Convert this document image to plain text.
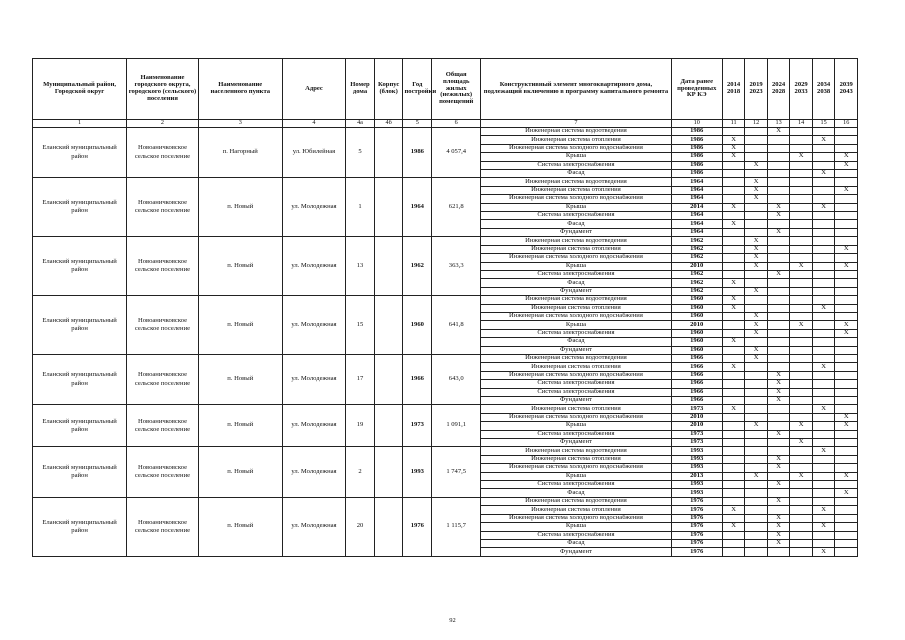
Муниципальный район, Городской округ	Наименование городского округа, городского (сельского) поселения	Наименование населенного пункта	Адрес	Номер дома	Корпус (блок)	Год постройки	Общая площадь жилых (нежилых) помещений	Конструктивный элемент многоквартирного дома, подлежащий включению в программу капитального ремонта	Дата ранее проведенных КР КЭ	2014 2018	2019 2023	2024 2028	2029 2033	2034 2038	2039 2043
1	2	3	4	4а	4б	5	6	7	10	11	12	13	14	15	16
Еланский муниципальный район	Новоаничковское сельское поселение	п. Нагорный	ул. Юбилейная	5		1986	4 057,4	Инженерная система водоотведения	1986			X			
								Инженерная система отопления	1986	X				X	
								Инженерная система холодного водоснабжения	1986	X					
								Крыша	1986	X			X		X
								Система электроснабжения	1986		X				X
								Фасад	1986					X	
Еланский муниципальный район	Новоаничковское сельское поселение	п. Новый	ул. Молодежная	1		1964	621,8	Инженерная система водоотведения	1964		X				
								Инженерная система отопления	1964		X				X
								Инженерная система холодного водоснабжения	1964		X				
								Крыша	2014	X		X		X	
								Система электроснабжения	1964			X			
								Фасад	1964	X					
								Фундамент	1964			X			
Еланский муниципальный район	Новоаничковское сельское поселение	п. Новый	ул. Молодежная	13		1962	363,3	Инженерная система водоотведения	1962		X				
								Инженерная система отопления	1962		X				X
								Инженерная система холодного водоснабжения	1962		X				
								Крыша	2010		X		X		X
								Система электроснабжения	1962			X			
								Фасад	1962	X					
								Фундамент	1962		X				
Еланский муниципальный район	Новоаничковское сельское поселение	п. Новый	ул. Молодежная	15		1960	641,8	Инженерная система водоотведения	1960	X					
								Инженерная система отопления	1960	X				X	
								Инженерная система холодного водоснабжения	1960		X				
								Крыша	2010		X		X		X
								Система электроснабжения	1960		X				X
								Фасад	1960	X					
								Фундамент	1960		X				
Еланский муниципальный район	Новоаничковское сельское поселение	п. Новый	ул. Молодежная	17		1966	643,0	Инженерная система водоотведения	1966		X				
								Инженерная система отопления	1966	X				X	
								Инженерная система холодного водоснабжения	1966			X			
								Система электроснабжения	1966			X			
								Система электроснабжения	1966			X			
								Фундамент	1966			X			
Еланский муниципальный район	Новоаничковское сельское поселение	п. Новый	ул. Молодежная	19		1973	1 091,1	Инженерная система отопления	1973	X				X	
								Инженерная система холодного водоснабжения	2010						X
								Крыша	2010		X		X		X
								Система электроснабжения	1973			X			
								Фундамент	1973				X		
Еланский муниципальный район	Новоаничковское сельское поселение	п. Новый	ул. Молодежная	2		1993	1 747,5	Инженерная система водоотведения	1993					X	
								Инженерная система отопления	1993			X			
								Инженерная система холодного водоснабжения	1993			X			
								Крыша	2013		X		X		X
								Система электроснабжения	1993			X			
								Фасад	1993						X
Еланский муниципальный район	Новоаничковское сельское поселение	п. Новый	ул. Молодежная	20		1976	1 115,7	Инженерная система водоотведения	1976			X			
								Инженерная система отопления	1976	X				X	
								Инженерная система холодного водоснабжения	1976			X			
								Крыша	1976	X		X		X	
								Система электроснабжения	1976			X			
								Фасад	1976			X			
								Фундамент	1976					X	
92
